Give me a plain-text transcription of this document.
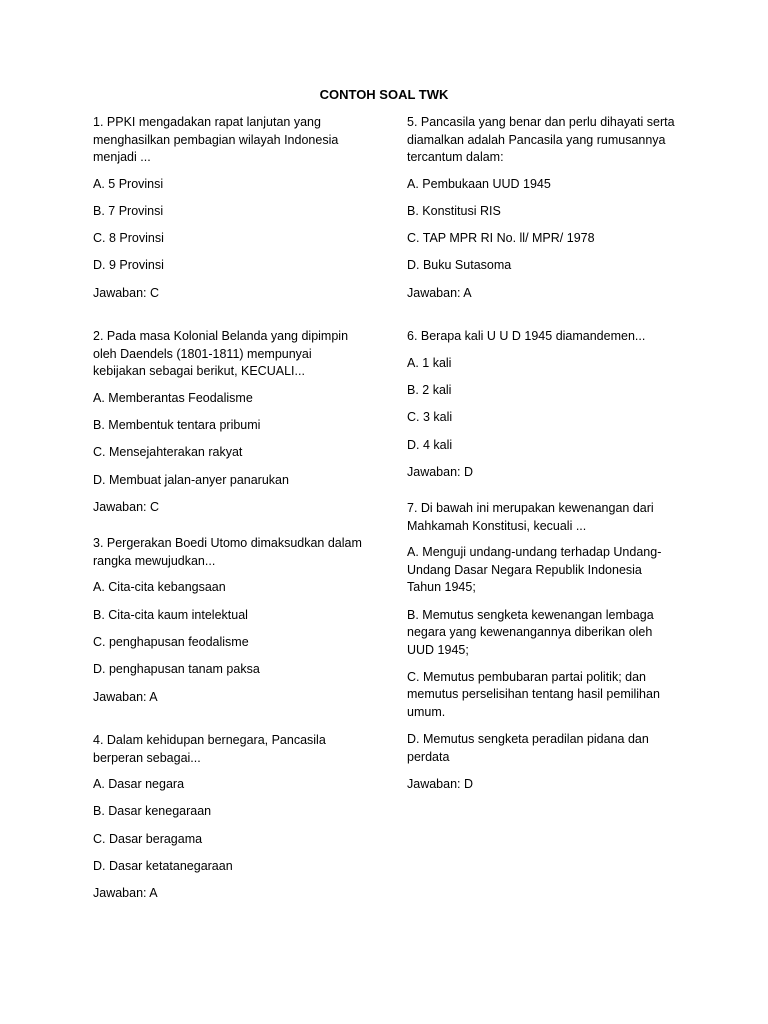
CONTOH SOAL TWK

1. PPKI mengadakan rapat lanjutan yang menghasilkan pembagian wilayah Indonesia menjadi ...

A. 5 Provinsi

B. 7 Provinsi

C. 8 Provinsi

D. 9 Provinsi

Jawaban: C

2. Pada masa Kolonial Belanda yang dipimpin oleh Daendels (1801-1811) mempunyai kebijakan sebagai berikut, KECUALI...

A. Memberantas Feodalisme

B. Membentuk tentara pribumi

C. Mensejahterakan rakyat

D. Membuat jalan-anyer panarukan

Jawaban: C

3. Pergerakan Boedi Utomo dimaksudkan dalam rangka mewujudkan...

A. Cita-cita kebangsaan

B. Cita-cita kaum intelektual

C. penghapusan feodalisme

D. penghapusan tanam paksa

Jawaban: A

4. Dalam kehidupan bernegara, Pancasila berperan sebagai...

A. Dasar negara

B. Dasar kenegaraan

C. Dasar beragama

D. Dasar ketatanegaraan

Jawaban: A

5. Pancasila yang benar dan perlu dihayati serta diamalkan adalah Pancasila yang rumusannya tercantum dalam:

A. Pembukaan UUD 1945

B. Konstitusi RIS

C. TAP MPR RI No. ll/ MPR/ 1978

D. Buku Sutasoma

Jawaban: A

6. Berapa kali U U D 1945 diamandemen...

A. 1 kali

B. 2 kali

C. 3 kali

D. 4 kali

Jawaban: D

7. Di bawah ini merupakan kewenangan dari Mahkamah Konstitusi, kecuali ...

A. Menguji undang-undang terhadap Undang-Undang Dasar Negara Republik Indonesia Tahun 1945;

B. Memutus sengketa kewenangan lembaga negara yang kewenangannya diberikan oleh UUD 1945;

C. Memutus pembubaran partai politik; dan memutus perselisihan tentang hasil pemilihan umum.

D. Memutus sengketa peradilan pidana dan perdata

Jawaban: D
